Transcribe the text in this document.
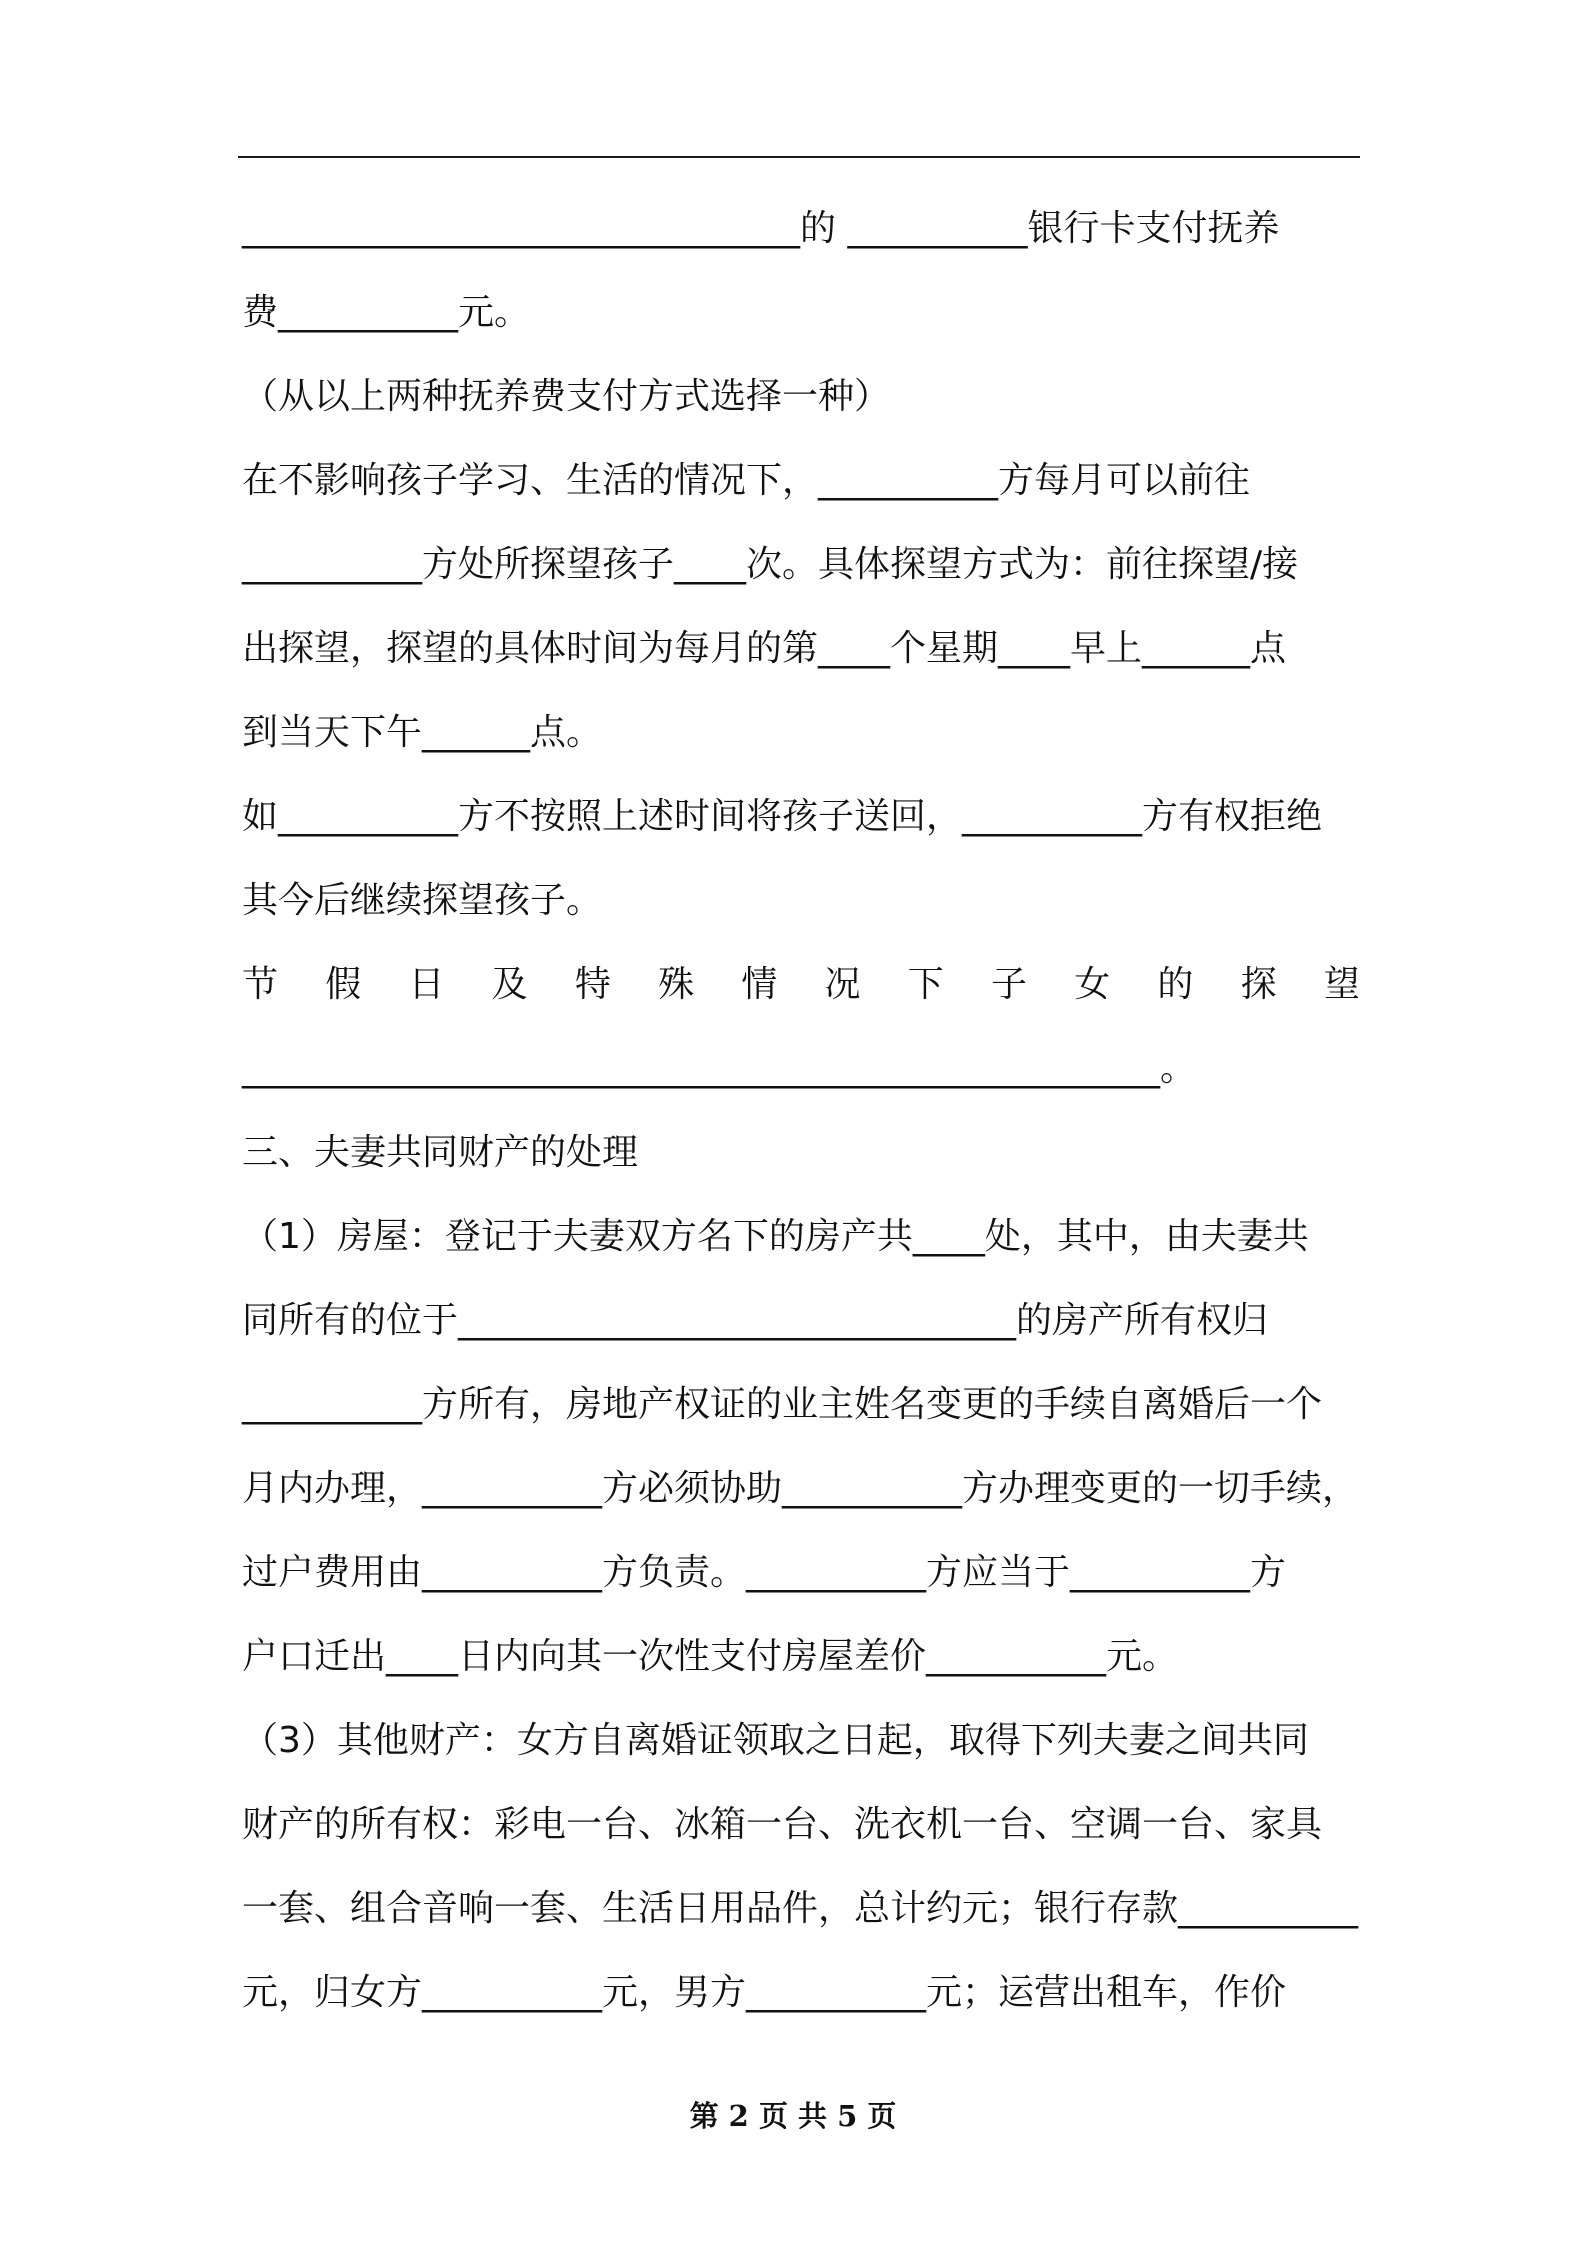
_______________________________的 __________银行卡支付抚养
费__________元。
（从以上两种抚养费支付方式选择一种）
在不影响孩子学习、生活的情况下，__________方每月可以前往
__________方处所探望孩子____次。具体探望方式为：前往探望/接
出探望，探望的具体时间为每月的第____个星期____早上______点
到当天下午______点。
如__________方不按照上述时间将孩子送回，__________方有权拒绝
其今后继续探望孩子。
节 假 日 及 特 殊 情 况 下 子 女 的 探 望
___________________________________________________。
三、夫妻共同财产的处理
（1）房屋：登记于夫妻双方名下的房产共____处，其中，由夫妻共
同所有的位于_______________________________的房产所有权归
__________方所有，房地产权证的业主姓名变更的手续自离婚后一个
月内办理，__________方必须协助__________方办理变更的一切手续，
过户费用由__________方负责。__________方应当于__________方
户口迁出____日内向其一次性支付房屋差价__________元。
（3）其他财产：女方自离婚证领取之日起，取得下列夫妻之间共同
财产的所有权：彩电一台、冰箱一台、洗衣机一台、空调一台、家具
一套、组合音响一套、生活日用品件，总计约元；银行存款__________
元，归女方__________元，男方__________元；运营出租车，作价
第 2 页 共 5 页
